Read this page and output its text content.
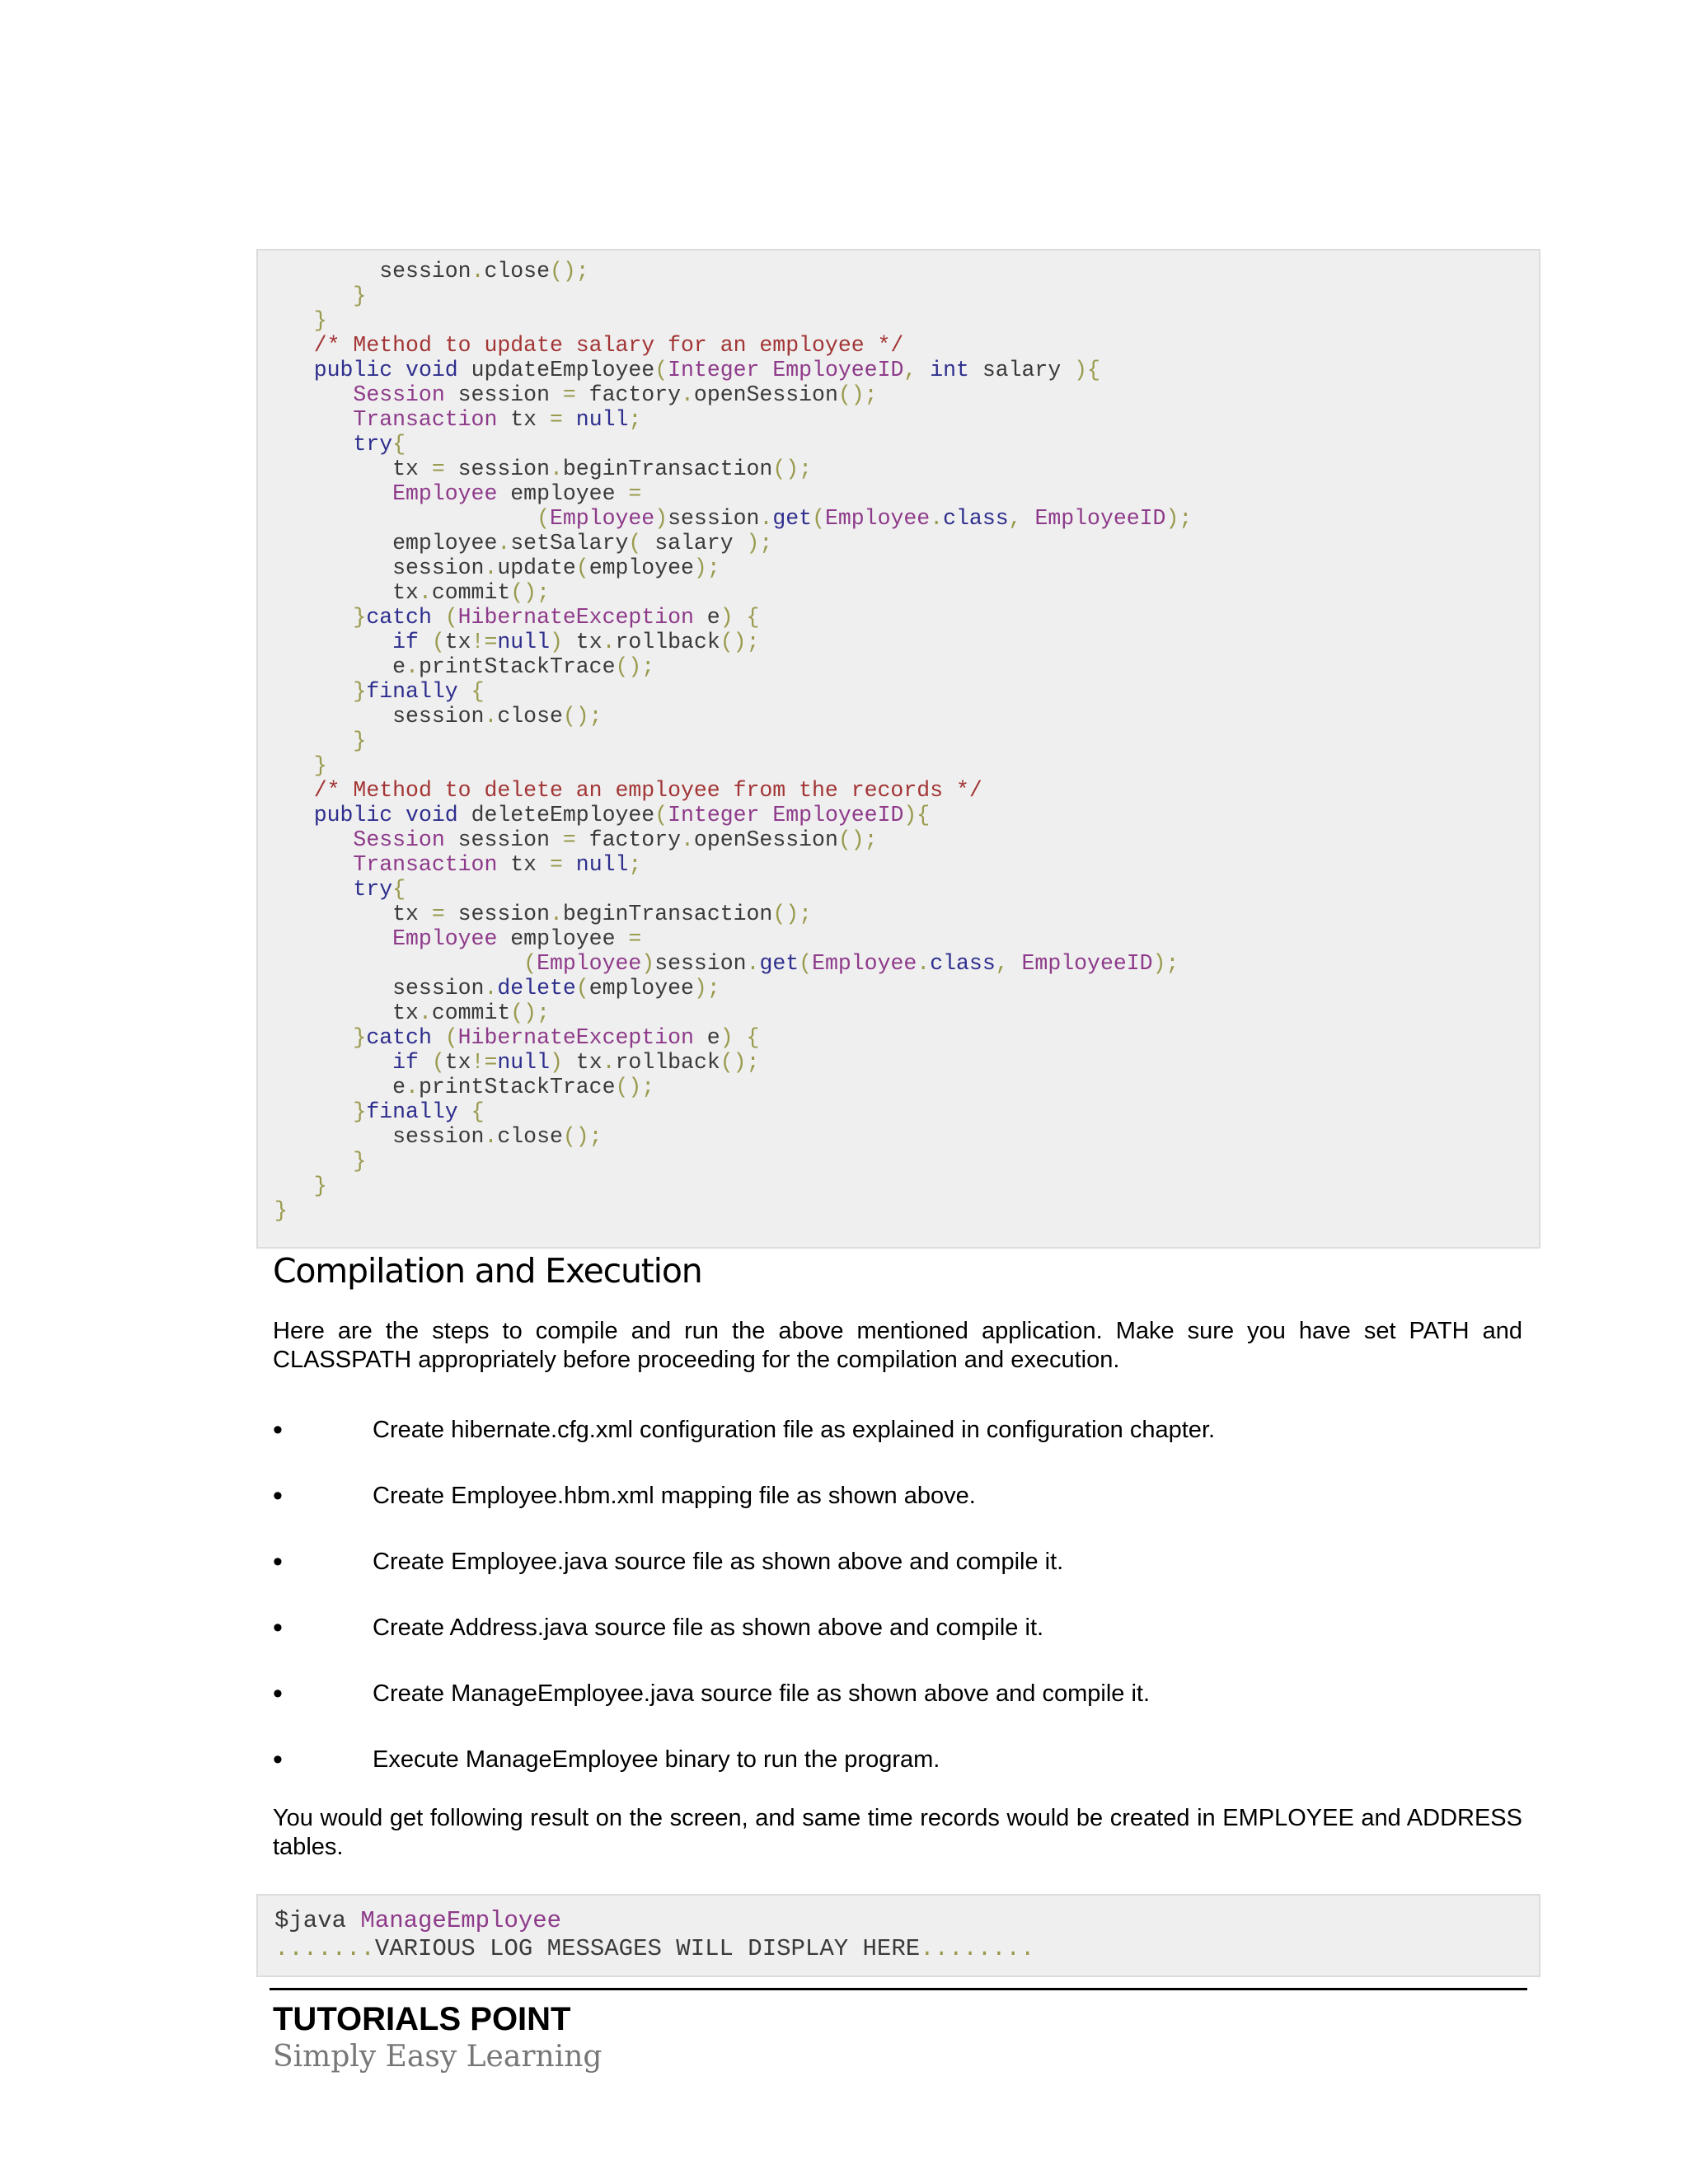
session.close();
}
}
/* Method to update salary for an employee */
public void updateEmployee(Integer EmployeeID, int salary ){
Session session = factory.openSession();
Transaction tx = null;
try{
tx = session.beginTransaction();
Employee employee =
(Employee)session.get(Employee.class, EmployeeID);
employee.setSalary( salary );
session.update(employee);
tx.commit();
}catch (HibernateException e) {
if (tx!=null) tx.rollback();
e.printStackTrace();
}finally {
session.close();
}
}
/* Method to delete an employee from the records */
public void deleteEmployee(Integer EmployeeID){
Session session = factory.openSession();
Transaction tx = null;
try{
tx = session.beginTransaction();
Employee employee =
(Employee)session.get(Employee.class, EmployeeID);
session.delete(employee);
tx.commit();
}catch (HibernateException e) {
if (tx!=null) tx.rollback();
e.printStackTrace();
}finally {
session.close();
}
}
}
Compilation and Execution

Here are the steps to compile and run the above mentioned application. Make sure you have set PATH and CLASSPATH appropriately before proceeding for the compilation and execution.

•	Create hibernate.cfg.xml configuration file as explained in configuration chapter.
•	Create Employee.hbm.xml mapping file as shown above.
•	Create Employee.java source file as shown above and compile it.
•	Create Address.java source file as shown above and compile it.
•	Create ManageEmployee.java source file as shown above and compile it.
•	Execute ManageEmployee binary to run the program.

You would get following result on the screen, and same time records would be created in EMPLOYEE and ADDRESS tables.

$java ManageEmployee
.......VARIOUS LOG MESSAGES WILL DISPLAY HERE........
TUTORIALS POINT
Simply Easy Learning
